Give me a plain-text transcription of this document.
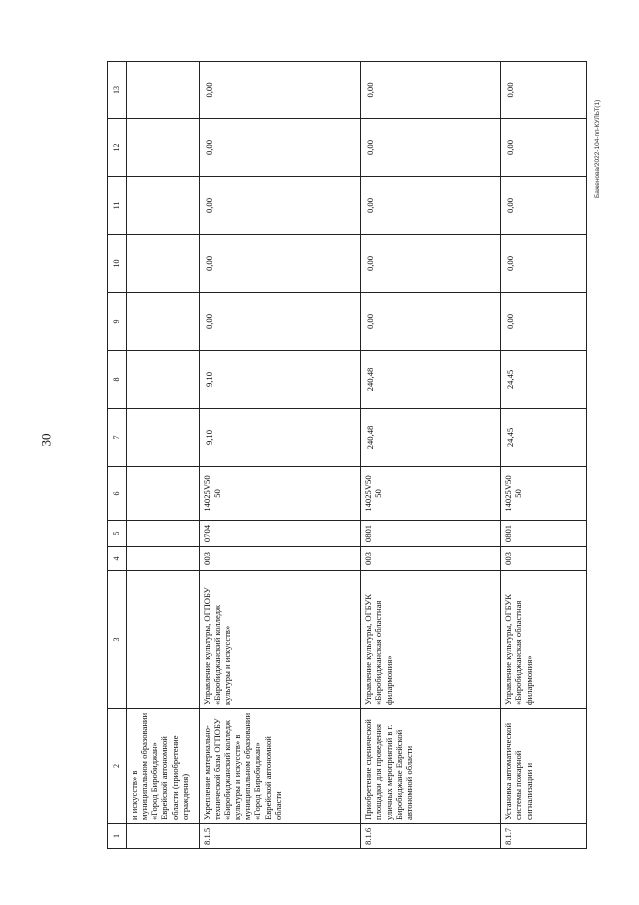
30
Баженова/2022-104-пп-КУЛЬТ(1)
1	2	3	4	5	6	7	8	9	10	11	12	13
	и искусств» в муниципальном образовании «Город Биробиджан» Еврейской автономной области (приобретение ограждения)											
8.1.5	Укрепление материально-технической базы ОГПОБУ «Биробиджанский колледж культуры и искусств» в муниципальном образовании «Город Биробиджан» Еврейской автономной области	Управление культуры, ОГПОБУ «Биробиджанский колледж культуры и искусств»	003	0704	14025V50 50	9,10	9,10	0,00	0,00	0,00	0,00	0,00
8.1.6	Приобретение сценической площадки для проведения уличных мероприятий в г. Биробиджане Еврейской автономной области	Управление культуры, ОГБУК «Биробиджанская областная филармония»	003	0801	14025V50 50	240,48	240,48	0,00	0,00	0,00	0,00	0,00
8.1.7	Установка автоматической системы пожарной сигнализации и	Управление культуры, ОГБУК «Биробиджанская областная филармония»	003	0801	14025V50 50	24,45	24,45	0,00	0,00	0,00	0,00	0,00
